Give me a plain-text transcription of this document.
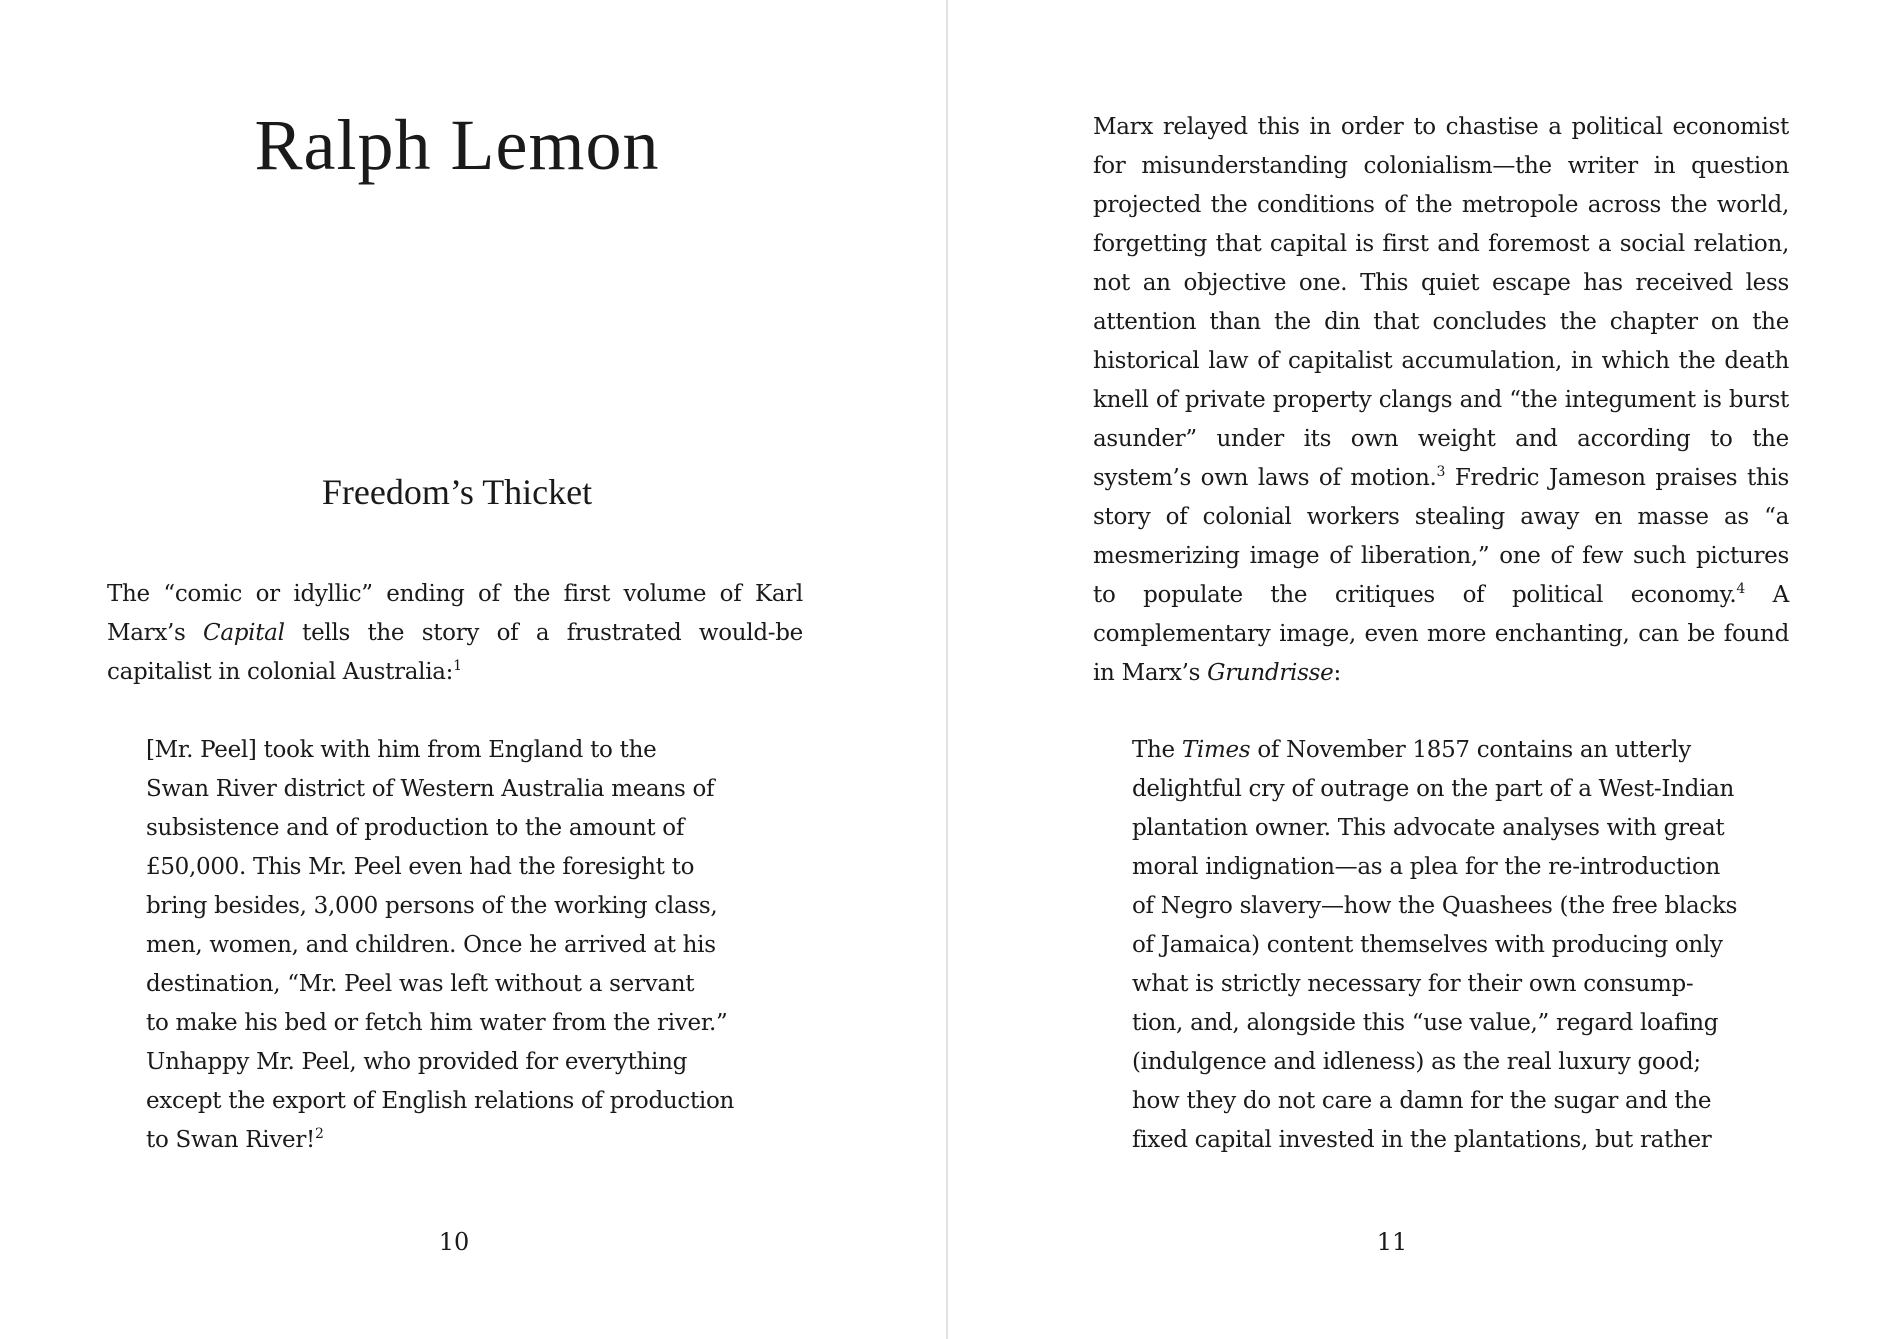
Ralph Lemon
Freedom’s Thicket

The “comic or idyllic” ending of the first volume of Karl Marx’s Capital tells the story of a frustrated would-be capitalist in colonial Australia:$^1$

[Mr. Peel] took with him from England to the
Swan River district of Western Australia means of
subsistence and of production to the amount of
£50,000. This Mr. Peel even had the foresight to
bring besides, 3,000 persons of the working class,
men, women, and children. Once he arrived at his
destination, “Mr. Peel was left without a servant
to make his bed or fetch him water from the river.”
Unhappy Mr. Peel, who provided for everything
except the export of English relations of production
to Swan River!$^2$
10

Marx relayed this in order to chastise a political economist for misunderstanding colonialism—the writer in question projected the conditions of the metropole across the world, forgetting that capital is first and foremost a social relation, not an objective one. This quiet escape has received less attention than the din that concludes the chapter on the historical law of capitalist accumulation, in which the death knell of private property clangs and “the integument is burst asunder” under its own weight and according to the system’s own laws of motion.$^3$ Fredric Jameson praises this story of colonial workers stealing away en masse as “a mesmerizing image of liberation,” one of few such pictures to populate the critiques of political economy.$^4$ A complementary image, even more enchanting, can be found in Marx’s Grundrisse:

The Times of November 1857 contains an utterly
delightful cry of outrage on the part of a West-Indian
plantation owner. This advocate analyses with great
moral indignation—as a plea for the re-introduction
of Negro slavery—how the Quashees (the free blacks
of Jamaica) content themselves with producing only
what is strictly necessary for their own consump-
tion, and, alongside this “use value,” regard loafing
(indulgence and idleness) as the real luxury good;
how they do not care a damn for the sugar and the
fixed capital invested in the plantations, but rather
11
